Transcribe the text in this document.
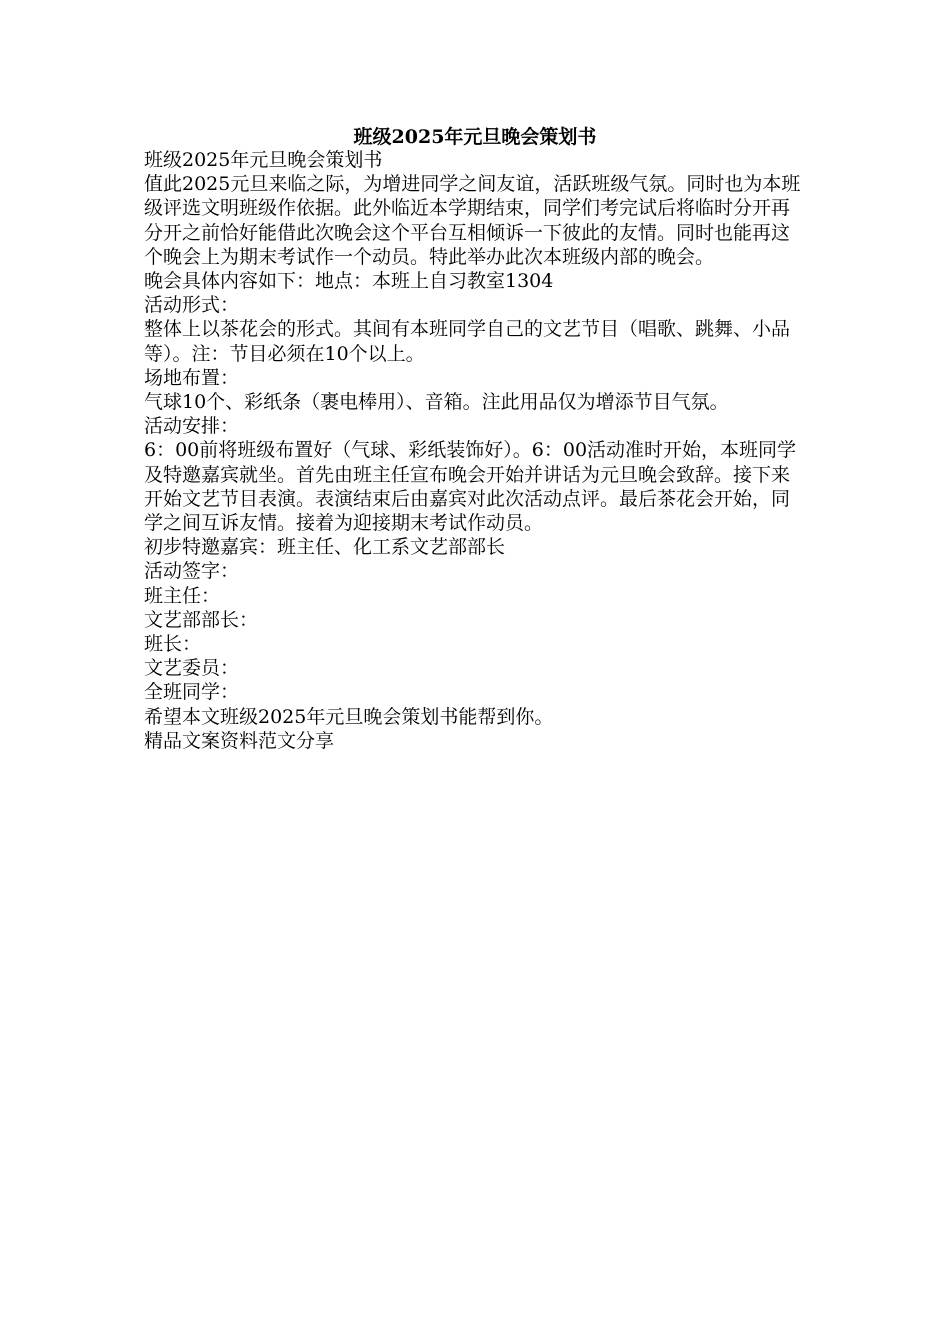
班级2025年元旦晚会策划书

班级2025年元旦晚会策划书

值此2025元旦来临之际，为增进同学之间友谊，活跃班级气氛。同时也为本班级评选文明班级作依据。此外临近本学期结束，同学们考完试后将临时分开再分开之前恰好能借此次晚会这个平台互相倾诉一下彼此的友情。同时也能再这个晚会上为期末考试作一个动员。特此举办此次本班级内部的晚会。

晚会具体内容如下：地点：本班上自习教室1304

活动形式：

整体上以茶花会的形式。其间有本班同学自己的文艺节目（唱歌、跳舞、小品等）。注：节目必须在10个以上。

场地布置：

气球10个、彩纸条（裹电棒用）、音箱。注此用品仅为增添节目气氛。

活动安排：

6：00前将班级布置好（气球、彩纸装饰好）。6：00活动准时开始，本班同学及特邀嘉宾就坐。首先由班主任宣布晚会开始并讲话为元旦晚会致辞。接下来开始文艺节目表演。表演结束后由嘉宾对此次活动点评。最后茶花会开始，同学之间互诉友情。接着为迎接期末考试作动员。

初步特邀嘉宾：班主任、化工系文艺部部长

活动签字：

班主任：

文艺部部长：

班长：

文艺委员：

全班同学：

希望本文班级2025年元旦晚会策划书能帮到你。

精品文案资料范文分享
